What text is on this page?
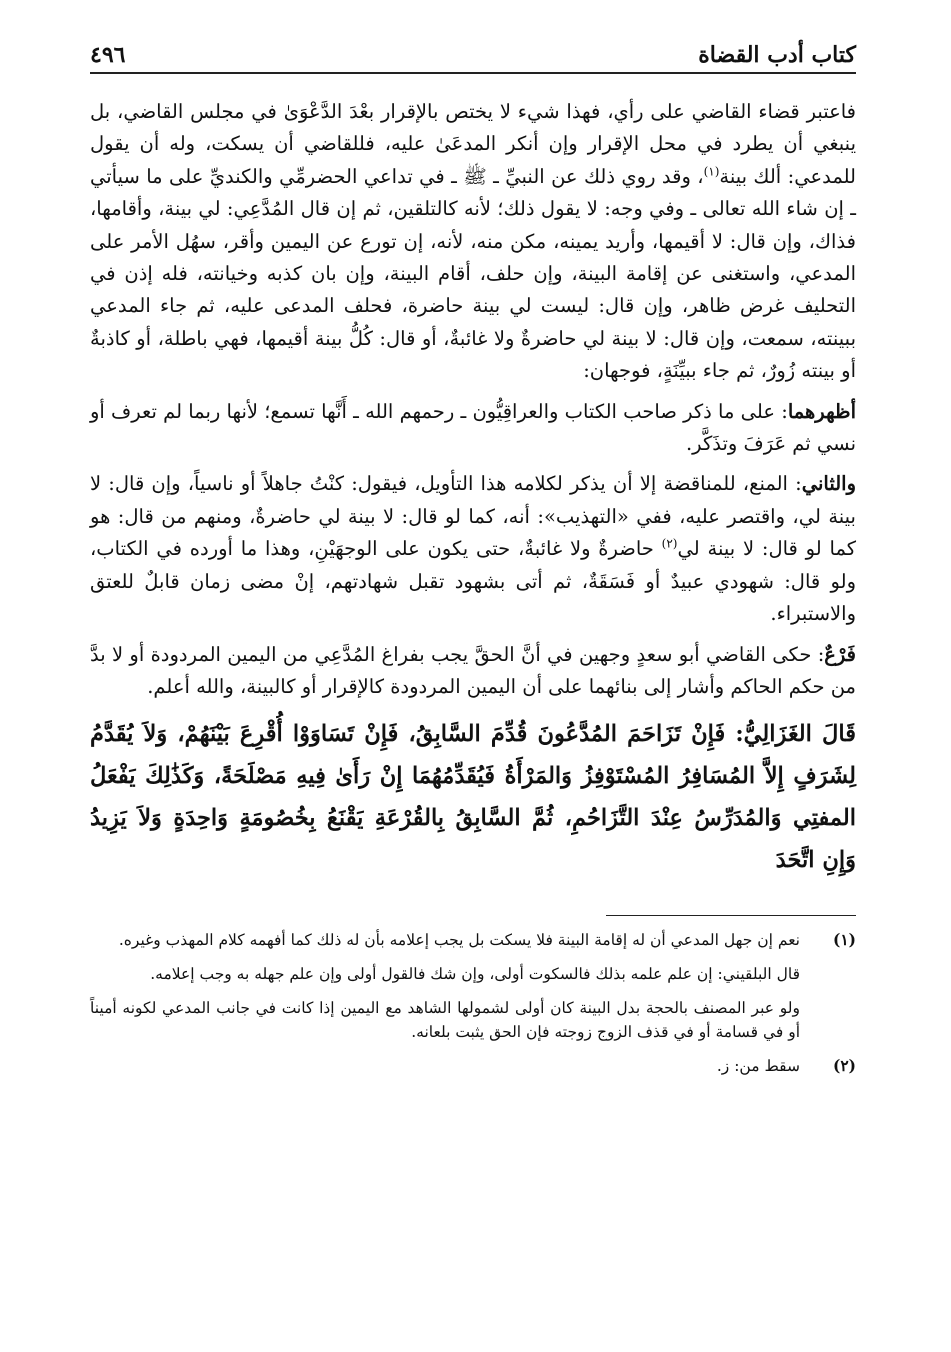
كتاب أدب القضاة
٤٩٦

فاعتبر قضاء القاضي على رأي، فهذا شيء لا يختص بالإقرار بعْدَ الدَّعْوَىٰ في مجلس القاضي، بل ينبغي أن يطرد في محل الإقرار وإن أنكر المدعَىٰ عليه، فللقاضي أن يسكت، وله أن يقول للمدعي: ألك بينة$^{(١)}$، وقد روي ذلك عن النبيِّ ـ ﷺ ـ في تداعي الحضرمِّي والكنديِّ على ما سيأتي ـ إن شاء الله تعالى ـ وفي وجه: لا يقول ذلك؛ لأنه كالتلقين، ثم إن قال المُدَّعِي: لي بينة، وأقامها، فذاك، وإن قال: لا أقيمها، وأريد يمينه، مكن منه، لأنه، إن تورع عن اليمين وأقر، سهُل الأمر على المدعي، واستغنى عن إقامة البينة، وإن حلف، أقام البينة، وإن بان كذبه وخيانته، فله إذن في التحليف غرض ظاهر، وإن قال: ليست لي بينة حاضرة، فحلف المدعى عليه، ثم جاء المدعي ببينته، سمعت، وإن قال: لا بينة لي حاضرةٌ ولا غائبةٌ، أو قال: كُلُّ بينة أقيمها، فهي باطلة، أو كاذبةٌ أو بينته زُورٌ، ثم جاء ببيِّنَةٍ، فوجهان:

أظهرهما: على ما ذكر صاحب الكتاب والعراقِيُّون ـ رحمهم الله ـ أَنَّها تسمع؛ لأنها ربما لم تعرف أو نسي ثم عَرَفَ وتذَكَّر.

والثاني: المنع، للمناقضة إلا أن يذكر لكلامه هذا التأويل، فيقول: كنْتُ جاهلاً أو ناسياً، وإن قال: لا بينة لي، واقتصر عليه، ففي «التهذيب»: أنه، كما لو قال: لا بينة لي حاضرةٌ، ومنهم من قال: هو كما لو قال: لا بينة لي$^{(٢)}$ حاضرةٌ ولا غائبةٌ، حتى يكون على الوجهَيْنِ، وهذا ما أورده في الكتاب، ولو قال: شهودي عبيدٌ أو فَسَقَةٌ، ثم أتى بشهود تقبل شهادتهم، إنْ مضى زمان قابلٌ للعتق والاستبراء.

فَرْعٌ: حكى القاضي أبو سعدٍ وجهين في أنَّ الحقَّ يجب بفراغ المُدَّعِي من اليمين المردودة أو لا بدَّ من حكم الحاكم وأشار إلى بنائهما على أن اليمين المردودة كالإقرار أو كالبينة، والله أعلم.

قَالَ الغَزَالِيُّ: فَإِنْ تَزَاحَمَ المُدَّعُونَ قُدِّمَ السَّابِقُ، فَإِنْ تَسَاوَوْا أُقْرِعَ بَيْنَهُمْ، وَلاَ يُقَدَّمُ لِشَرَفٍ إِلاَّ المُسَافِرُ المُسْتَوْفِزُ وَالمَرْأَةُ فَيُقَدِّمُهُمَا إِنْ رَأَىٰ فِيهِ مَصْلَحَةً، وَكَذَٰلِكَ يَفْعَلُ المفتِي وَالمُدَرِّسُ عِنْدَ التَّزَاحُمِ، ثُمَّ السَّابِقُ بِالقُرْعَةِ يَقْنَعُ بِخُصُومَةٍ وَاحِدَةٍ وَلاَ يَزِيدُ وَإِنِ اتَّحَدَ
(١)
نعم إن جهل المدعي أن له إقامة البينة فلا يسكت بل يجب إعلامه بأن له ذلك كما أفهمه كلام المهذب وغيره.
قال البلقيني: إن علم علمه بذلك فالسكوت أولى، وإن شك فالقول أولى وإن علم جهله به وجب إعلامه.
ولو عبر المصنف بالحجة بدل البينة كان أولى لشمولها الشاهد مع اليمين إذا كانت في جانب المدعي لكونه أميناً أو في قسامة أو في قذف الزوج زوجته فإن الحق يثبت بلعانه.
(٢)
سقط من: ز.
